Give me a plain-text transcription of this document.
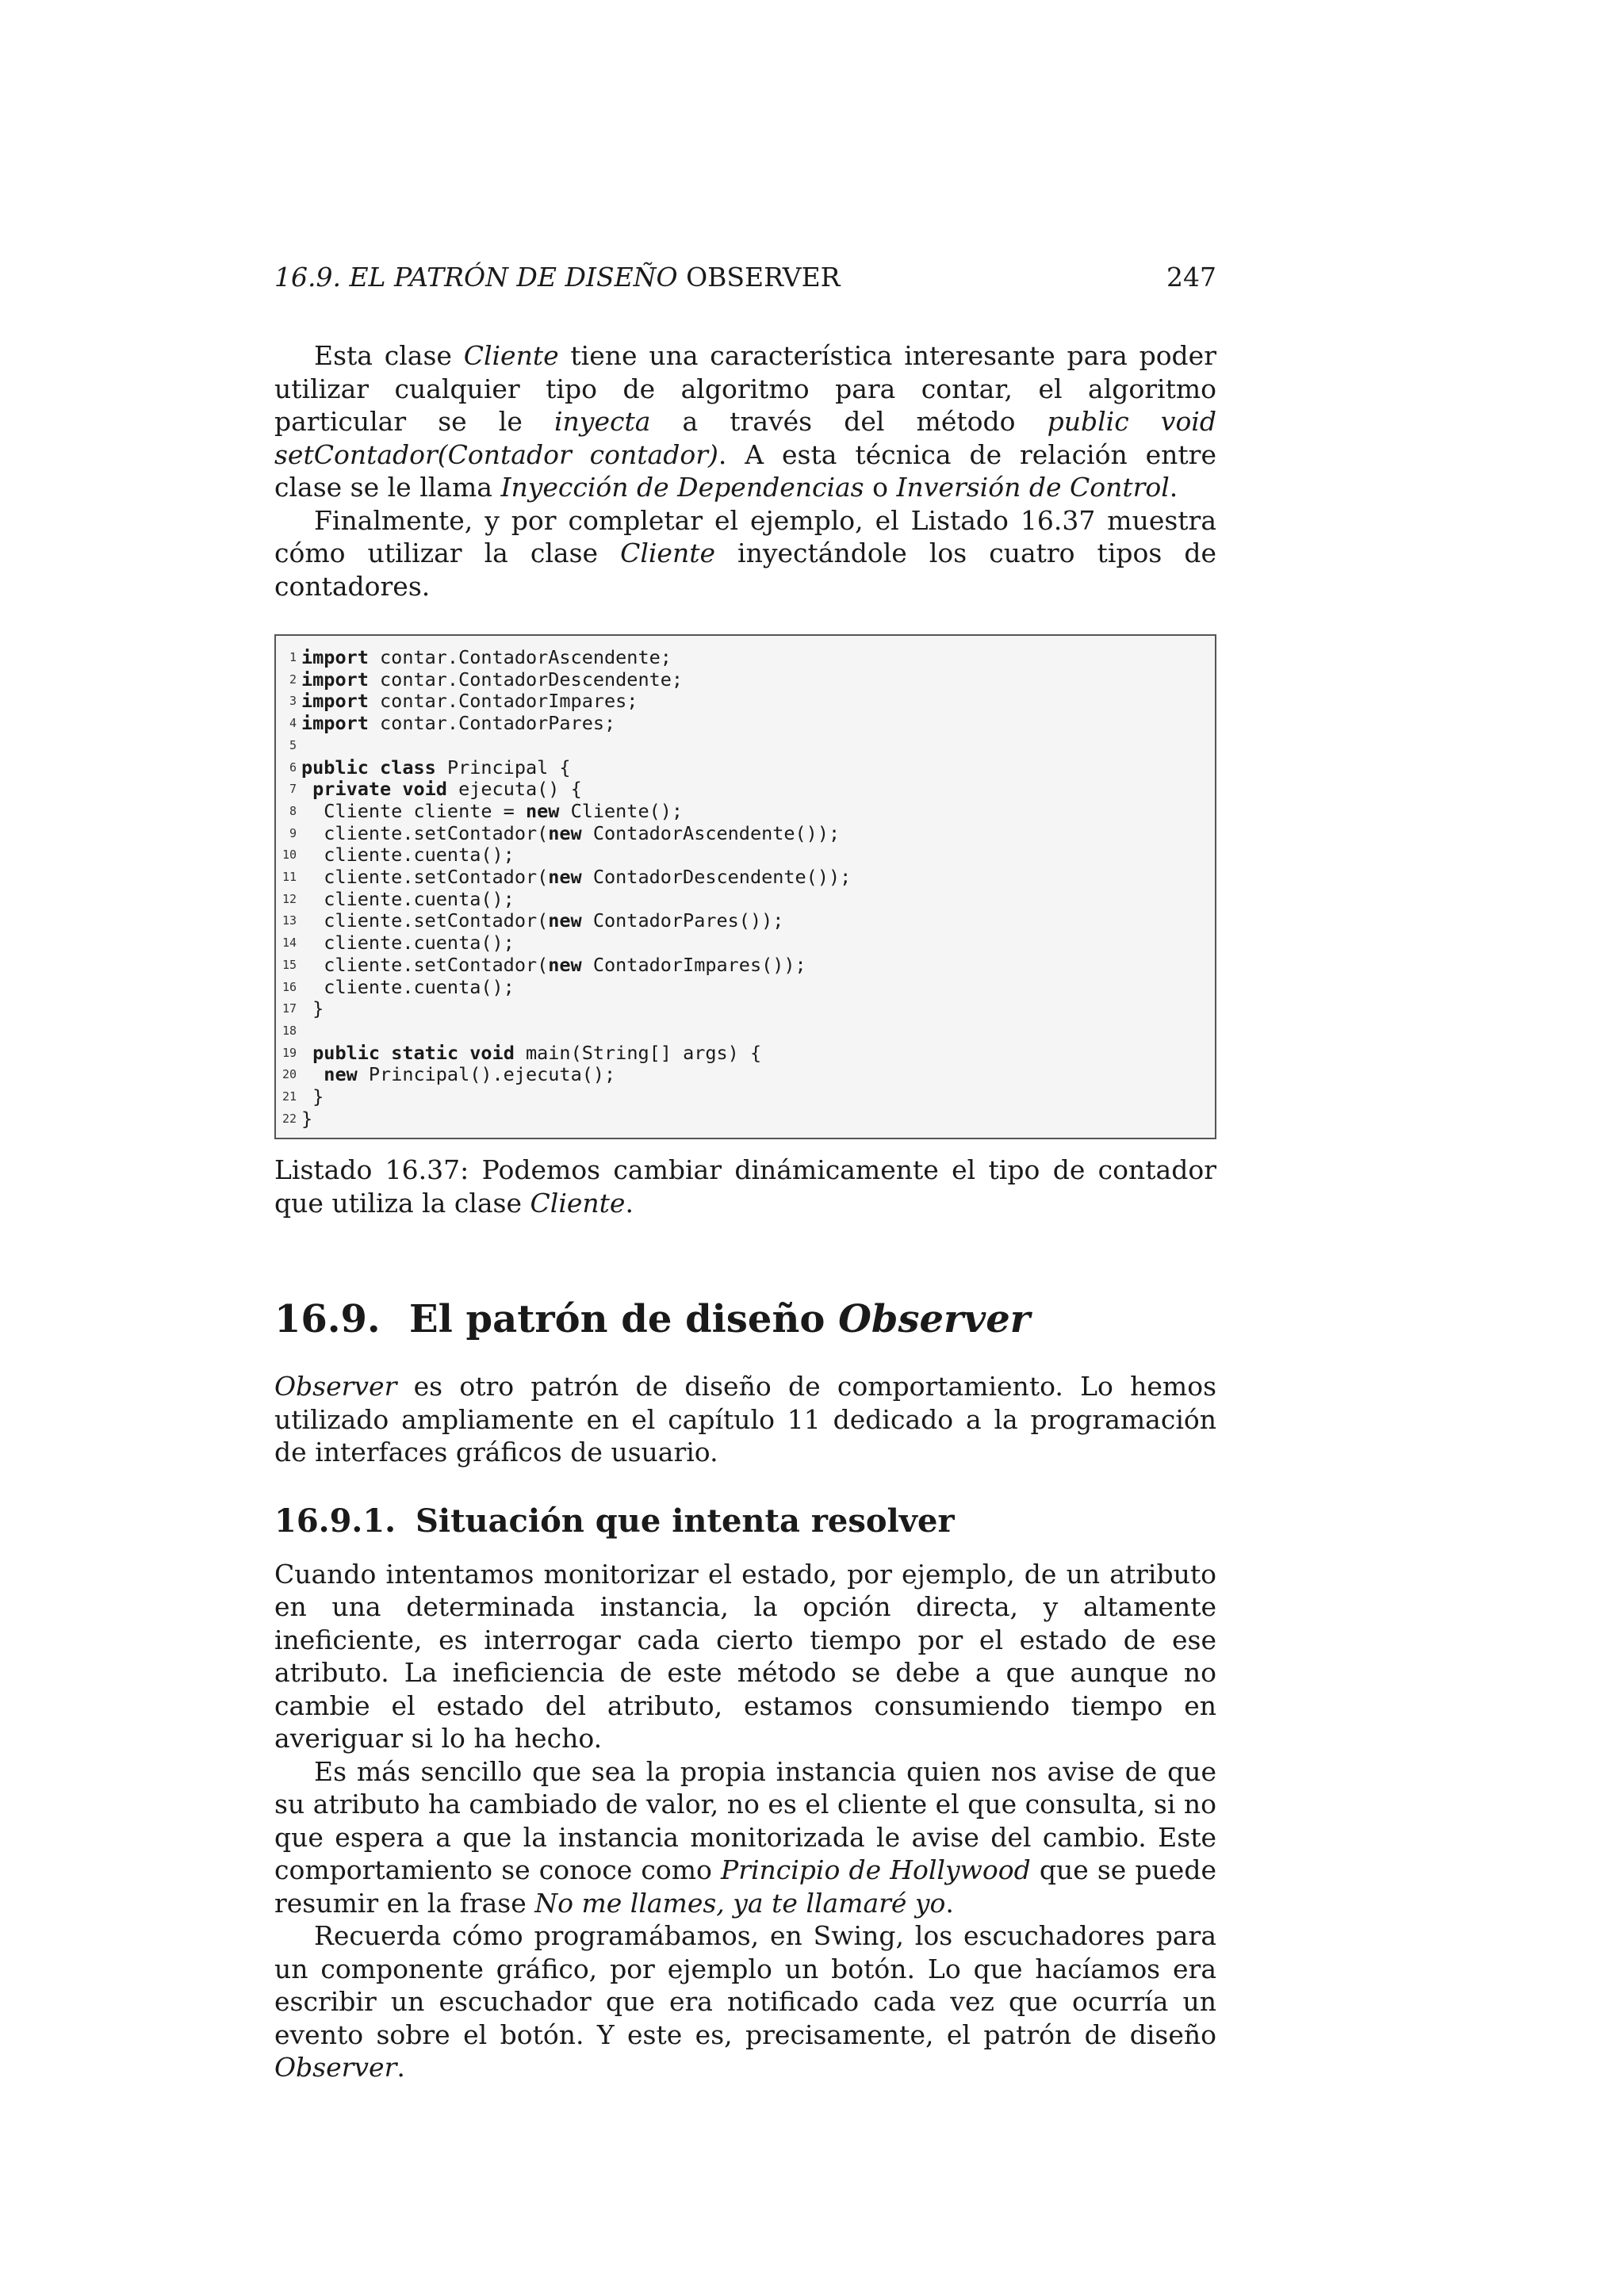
16.9. EL PATRÓN DE DISEÑO OBSERVER	247

Esta clase Cliente tiene una característica interesante para poder utilizar cualquier tipo de algoritmo para contar, el algoritmo particular se le inyecta a través del método public void setContador(Contador contador). A esta técnica de relación entre clase se le llama Inyección de Dependencias o Inversión de Control.

Finalmente, y por completar el ejemplo, el Listado 16.37 muestra cómo utilizar la clase Cliente inyectándole los cuatro tipos de contadores.

1 import contar.ContadorAscendente;
2 import contar.ContadorDescendente;
3 import contar.ContadorImpares;
4 import contar.ContadorPares;
5
6 public class Principal {
7 private void ejecuta() {
8 Cliente cliente = new Cliente();
9 cliente.setContador(new ContadorAscendente());
10 cliente.cuenta();
11 cliente.setContador(new ContadorDescendente());
12 cliente.cuenta();
13 cliente.setContador(new ContadorPares());
14 cliente.cuenta();
15 cliente.setContador(new ContadorImpares());
16 cliente.cuenta();
17 }
18
19 public static void main(String[] args) {
20	new Principal().ejecuta();
21 }
22 }

Listado 16.37: Podemos cambiar dinámicamente el tipo de contador que utiliza la clase Cliente.

16.9. El patrón de diseño Observer

Observer es otro patrón de diseño de comportamiento. Lo hemos utilizado ampliamente en el capítulo 11 dedicado a la programación de interfaces gráficos de usuario.

16.9.1. Situación que intenta resolver

Cuando intentamos monitorizar el estado, por ejemplo, de un atributo en una determinada instancia, la opción directa, y altamente ineficiente, es interrogar cada cierto tiempo por el estado de ese atributo. La ineficiencia de este método se debe a que aunque no cambie el estado del atributo, estamos consumiendo tiempo en averiguar si lo ha hecho.

Es más sencillo que sea la propia instancia quien nos avise de que su atributo ha cambiado de valor, no es el cliente el que consulta, si no que espera a que la instancia monitorizada le avise del cambio. Este comportamiento se conoce como Principio de Hollywood que se puede resumir en la frase No me llames, ya te llamaré yo.

Recuerda cómo programábamos, en Swing, los escuchadores para un componente gráfico, por ejemplo un botón. Lo que hacíamos era escribir un escuchador que era notificado cada vez que ocurría un evento sobre el botón. Y este es, precisamente, el patrón de diseño Observer.
